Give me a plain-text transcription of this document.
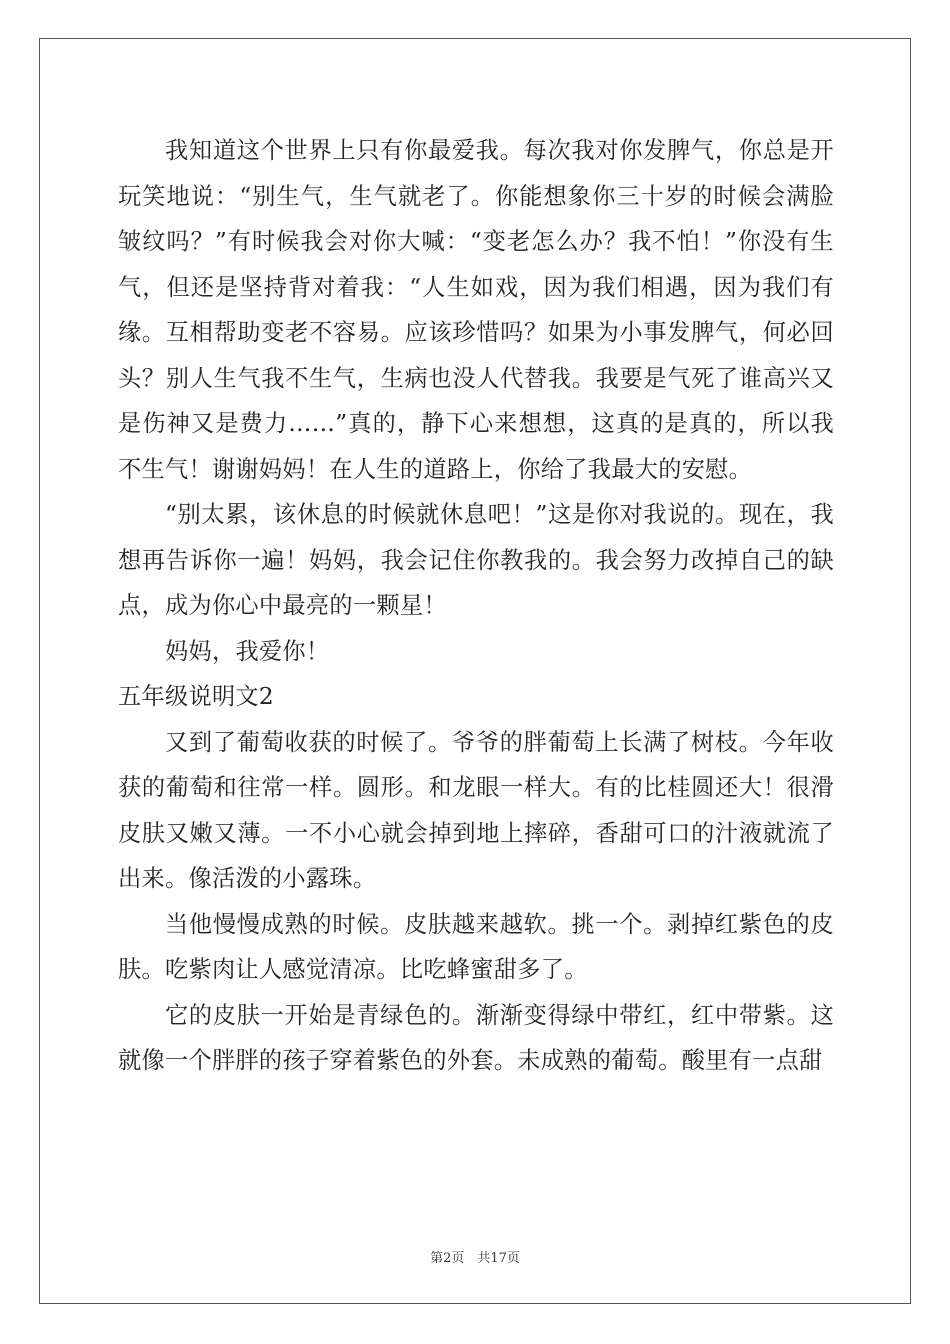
我知道这个世界上只有你最爱我。每次我对你发脾气，你总是开玩笑地说：“别生气，生气就老了。你能想象你三十岁的时候会满脸皱纹吗？”有时候我会对你大喊：“变老怎么办？我不怕！”你没有生气，但还是坚持背对着我：“人生如戏，因为我们相遇，因为我们有缘。互相帮助变老不容易。应该珍惜吗？如果为小事发脾气，何必回头？别人生气我不生气，生病也没人代替我。我要是气死了谁高兴又是伤神又是费力……”真的，静下心来想想，这真的是真的，所以我不生气！谢谢妈妈！在人生的道路上，你给了我最大的安慰。

“别太累，该休息的时候就休息吧！”这是你对我说的。现在，我想再告诉你一遍！妈妈，我会记住你教我的。我会努力改掉自己的缺点，成为你心中最亮的一颗星！

妈妈，我爱你！

五年级说明文2

又到了葡萄收获的时候了。爷爷的胖葡萄上长满了树枝。今年收获的葡萄和往常一样。圆形。和龙眼一样大。有的比桂圆还大！很滑皮肤又嫩又薄。一不小心就会掉到地上摔碎，香甜可口的汁液就流了出来。像活泼的小露珠。

当他慢慢成熟的时候。皮肤越来越软。挑一个。剥掉红紫色的皮肤。吃紫肉让人感觉清凉。比吃蜂蜜甜多了。

它的皮肤一开始是青绿色的。渐渐变得绿中带红，红中带紫。这就像一个胖胖的孩子穿着紫色的外套。未成熟的葡萄。酸里有一点甜

第2页　共17页
